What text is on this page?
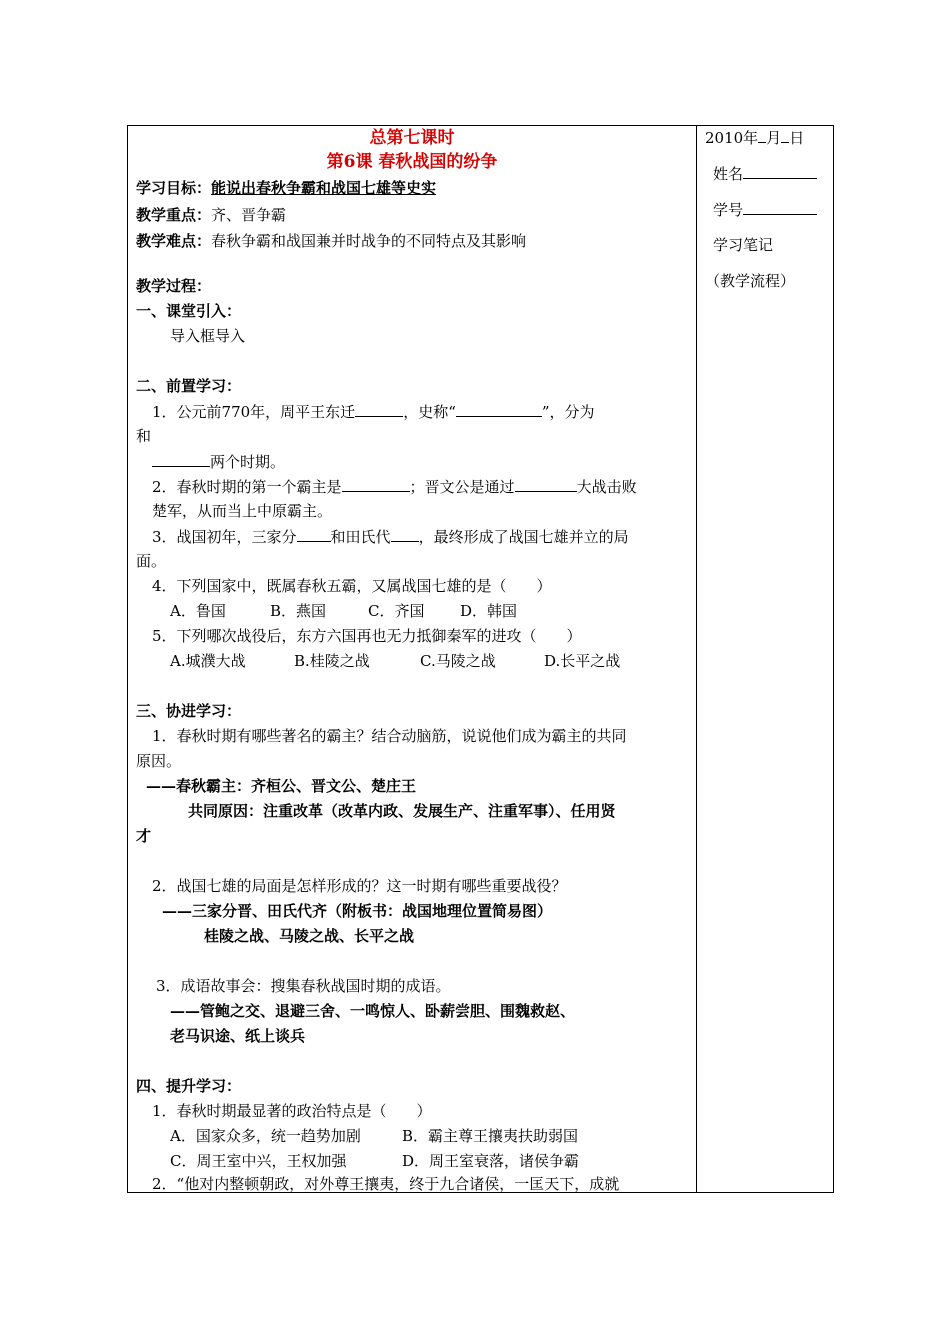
总第七课时
第6课 春秋战国的纷争
学习目标：能说出春秋争霸和战国七雄等史实
教学重点：齐、晋争霸
教学难点：春秋争霸和战国兼并时战争的不同特点及其影响
教学过程：
一、课堂引入：
导入框导入
二、前置学习：
1．公元前770年，周平王东迁	，史称“	”，分为
和
两个时期。
2．春秋时期的第一个霸主是	；晋文公是通过	大战击败
楚军，从而当上中原霸主。
3．战国初年，三家分 和田氏代 ，最终形成了战国七雄并立的局
面。
4．下列国家中，既属春秋五霸，又属战国七雄的是（　　）
A．鲁国	B．燕国	C．齐国 D．韩国
5．下列哪次战役后，东方六国再也无力抵御秦军的进攻（　　）
A.城濮大战	B.桂陵之战	C.马陵之战	D.长平之战
三、协进学习：
1．春秋时期有哪些著名的霸主？结合动脑筋，说说他们成为霸主的共同
原因。
——春秋霸主：齐桓公、晋文公、楚庄王
共同原因：注重改革（改革内政、发展生产、注重军事）、任用贤
才
2．战国七雄的局面是怎样形成的？这一时期有哪些重要战役？
——三家分晋、田氏代齐（附板书：战国地理位置简易图）
桂陵之战、马陵之战、长平之战
3．成语故事会：搜集春秋战国时期的成语。
——管鲍之交、退避三舍、一鸣惊人、卧薪尝胆、围魏救赵、
老马识途、纸上谈兵
四、提升学习：
1．春秋时期最显著的政治特点是（　　）
A．国家众多，统一趋势加剧	B．霸主尊王攘夷扶助弱国
C．周王室中兴，王权加强	D．周王室衰落，诸侯争霸
2．“他对内整顿朝政，对外尊王攘夷，终于九合诸侯，一匡天下，成就
2010年 月 日
姓名
学号
学习笔记
（教学流程）
